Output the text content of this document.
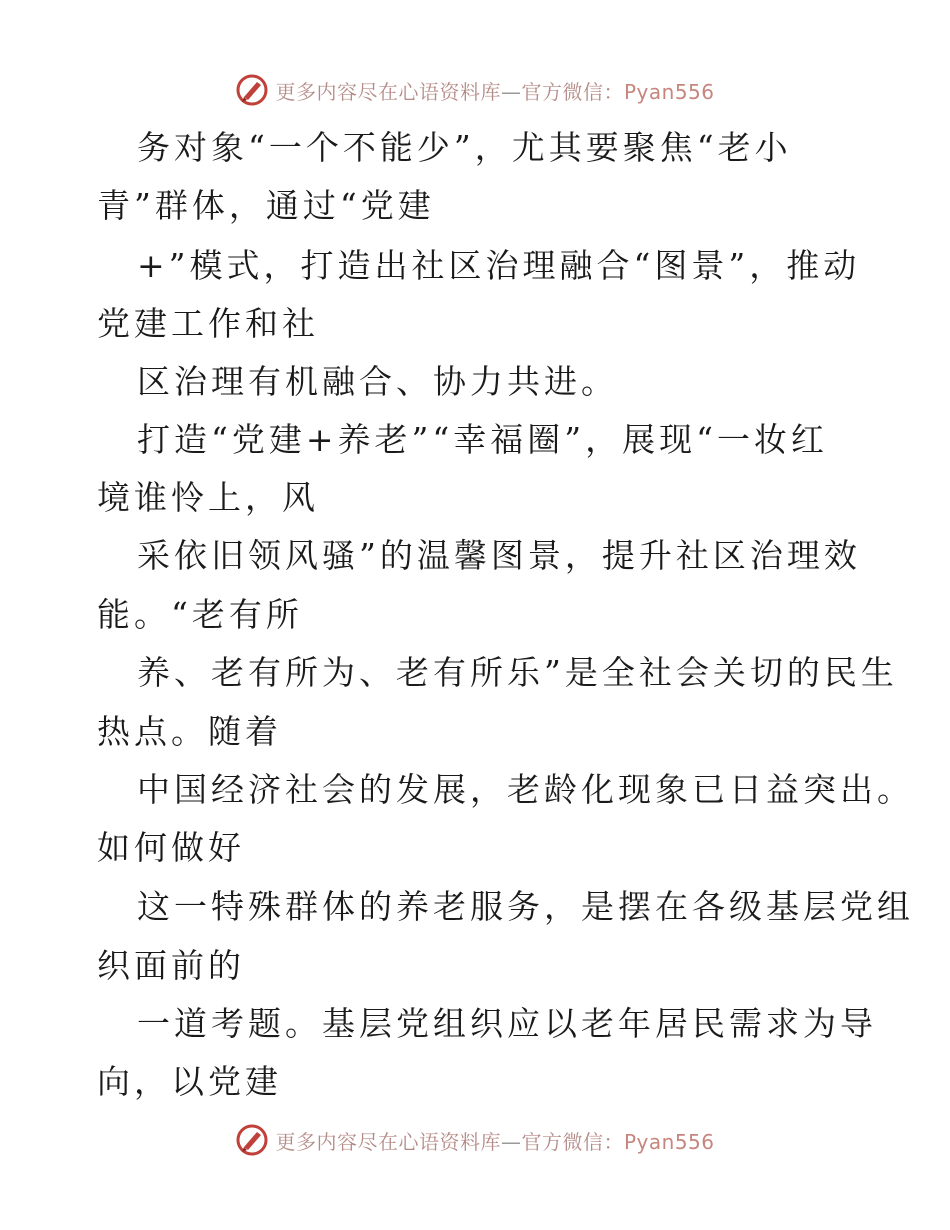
更多内容尽在心语资料库—官方微信：Pyan556
务对象“一个不能少”，尤其要聚焦“老小
青”群体，通过“党建
+”模式，打造出社区治理融合“图景”，推动
党建工作和社
区治理有机融合、协力共进。
打造“党建+养老”“幸福圈”，展现“一妆红
境谁怜上，风
采依旧领风骚”的温馨图景，提升社区治理效
能。“老有所
养、老有所为、老有所乐”是全社会关切的民生
热点。随着
中国经济社会的发展，老龄化现象已日益突出。
如何做好
这一特殊群体的养老服务，是摆在各级基层党组
织面前的
一道考题。基层党组织应以老年居民需求为导
向，以党建
更多内容尽在心语资料库—官方微信：Pyan556
